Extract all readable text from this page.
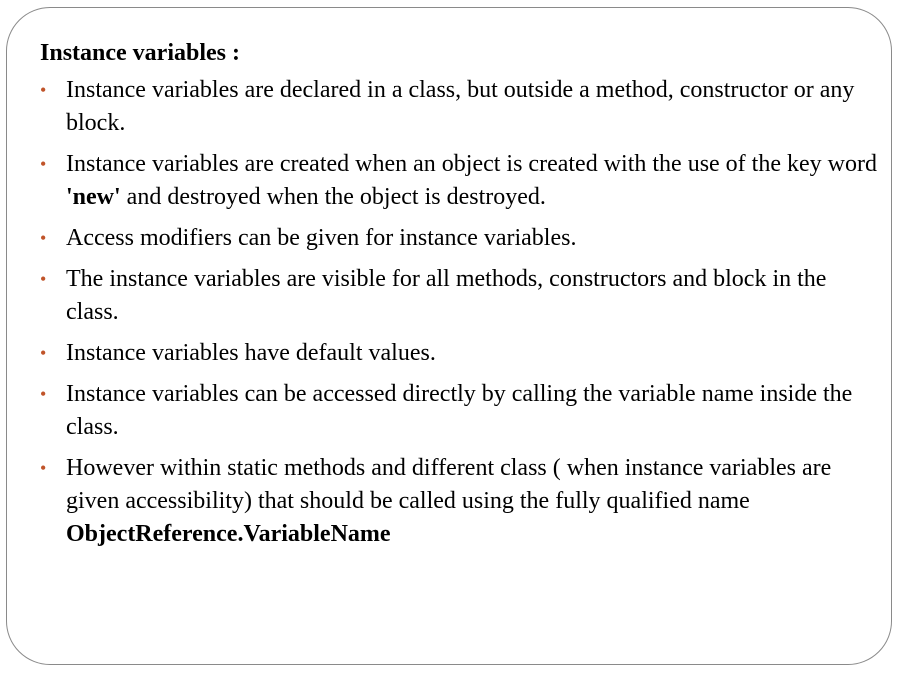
Instance variables :
• Instance variables are declared in a class, but outside a method, constructor or any block.
• Instance variables are created when an object is created with the use of the key word 'new' and destroyed when the object is destroyed.
• Access modifiers can be given for instance variables.
• The instance variables are visible for all methods, constructors and block in the class.
• Instance variables have default values.
• Instance variables can be accessed directly by calling the variable name inside the class.
• However within static methods and different class ( when instance variables are given accessibility) that should be called using the fully qualified name ObjectReference.VariableName
